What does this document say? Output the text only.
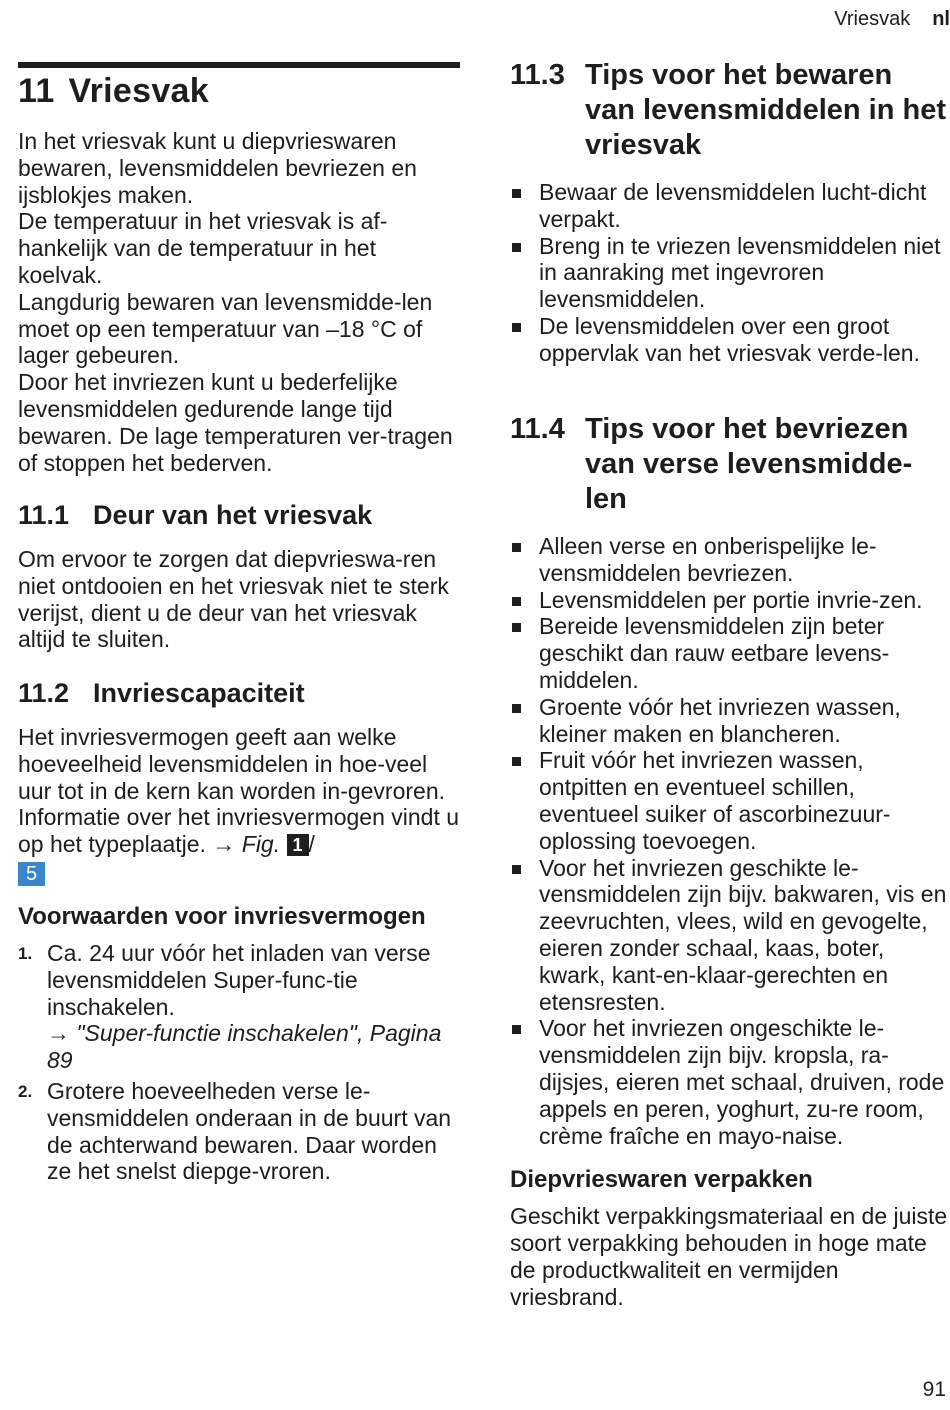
Vriesvak nl
11 Vriesvak

In het vriesvak kunt u diepvrieswaren bewaren, levensmiddelen bevriezen en ijsblokjes maken.

De temperatuur in het vriesvak is af-hankelijk van de temperatuur in het koelvak.

Langdurig bewaren van levensmidde-len moet op een temperatuur van –18 °C of lager gebeuren.

Door het invriezen kunt u bederfelijke levensmiddelen gedurende lange tijd bewaren. De lage temperaturen ver-tragen of stoppen het bederven.

11.1 Deur van het vriesvak

Om ervoor te zorgen dat diepvrieswa-ren niet ontdooien en het vriesvak niet te sterk verijst, dient u de deur van het vriesvak altijd te sluiten.

11.2 Invriescapaciteit

Het invriesvermogen geeft aan welke hoeveelheid levensmiddelen in hoe-veel uur tot in de kern kan worden in-gevroren.

Informatie over het invriesvermogen vindt u op het typeplaatje. → Fig. 1 /
5

Voorwaarden voor invriesvermogen
1. Ca. 24 uur vóór het inladen van verse levensmiddelen Super-func-tie inschakelen.
→ "Super-functie inschakelen", Pagina 89
2. Grotere hoeveelheden verse le-vensmiddelen onderaan in de buurt van de achterwand bewaren. Daar worden ze het snelst diepge-vroren.
11.3 Tips voor het bewaren van levensmiddelen in het vriesvak
Bewaar de levensmiddelen lucht-dicht verpakt.
Breng in te vriezen levensmiddelen niet in aanraking met ingevroren levensmiddelen.
De levensmiddelen over een groot oppervlak van het vriesvak verde-len.
11.4 Tips voor het bevriezen van verse levensmidde-len
Alleen verse en onberispelijke le-vensmiddelen bevriezen.
Levensmiddelen per portie invrie-zen.
Bereide levensmiddelen zijn beter geschikt dan rauw eetbare levens-middelen.
Groente vóór het invriezen wassen, kleiner maken en blancheren.
Fruit vóór het invriezen wassen, ontpitten en eventueel schillen, eventueel suiker of ascorbinezuur-oplossing toevoegen.
Voor het invriezen geschikte le-vensmiddelen zijn bijv. bakwaren, vis en zeevruchten, vlees, wild en gevogelte, eieren zonder schaal, kaas, boter, kwark, kant-en-klaar-gerechten en etensresten.
Voor het invriezen ongeschikte le-vensmiddelen zijn bijv. kropsla, ra-dijsjes, eieren met schaal, druiven, rode appels en peren, yoghurt, zu-re room, crème fraîche en mayo-naise.
Diepvrieswaren verpakken

Geschikt verpakkingsmateriaal en de juiste soort verpakking behouden in hoge mate de productkwaliteit en vermijden vriesbrand.

91
